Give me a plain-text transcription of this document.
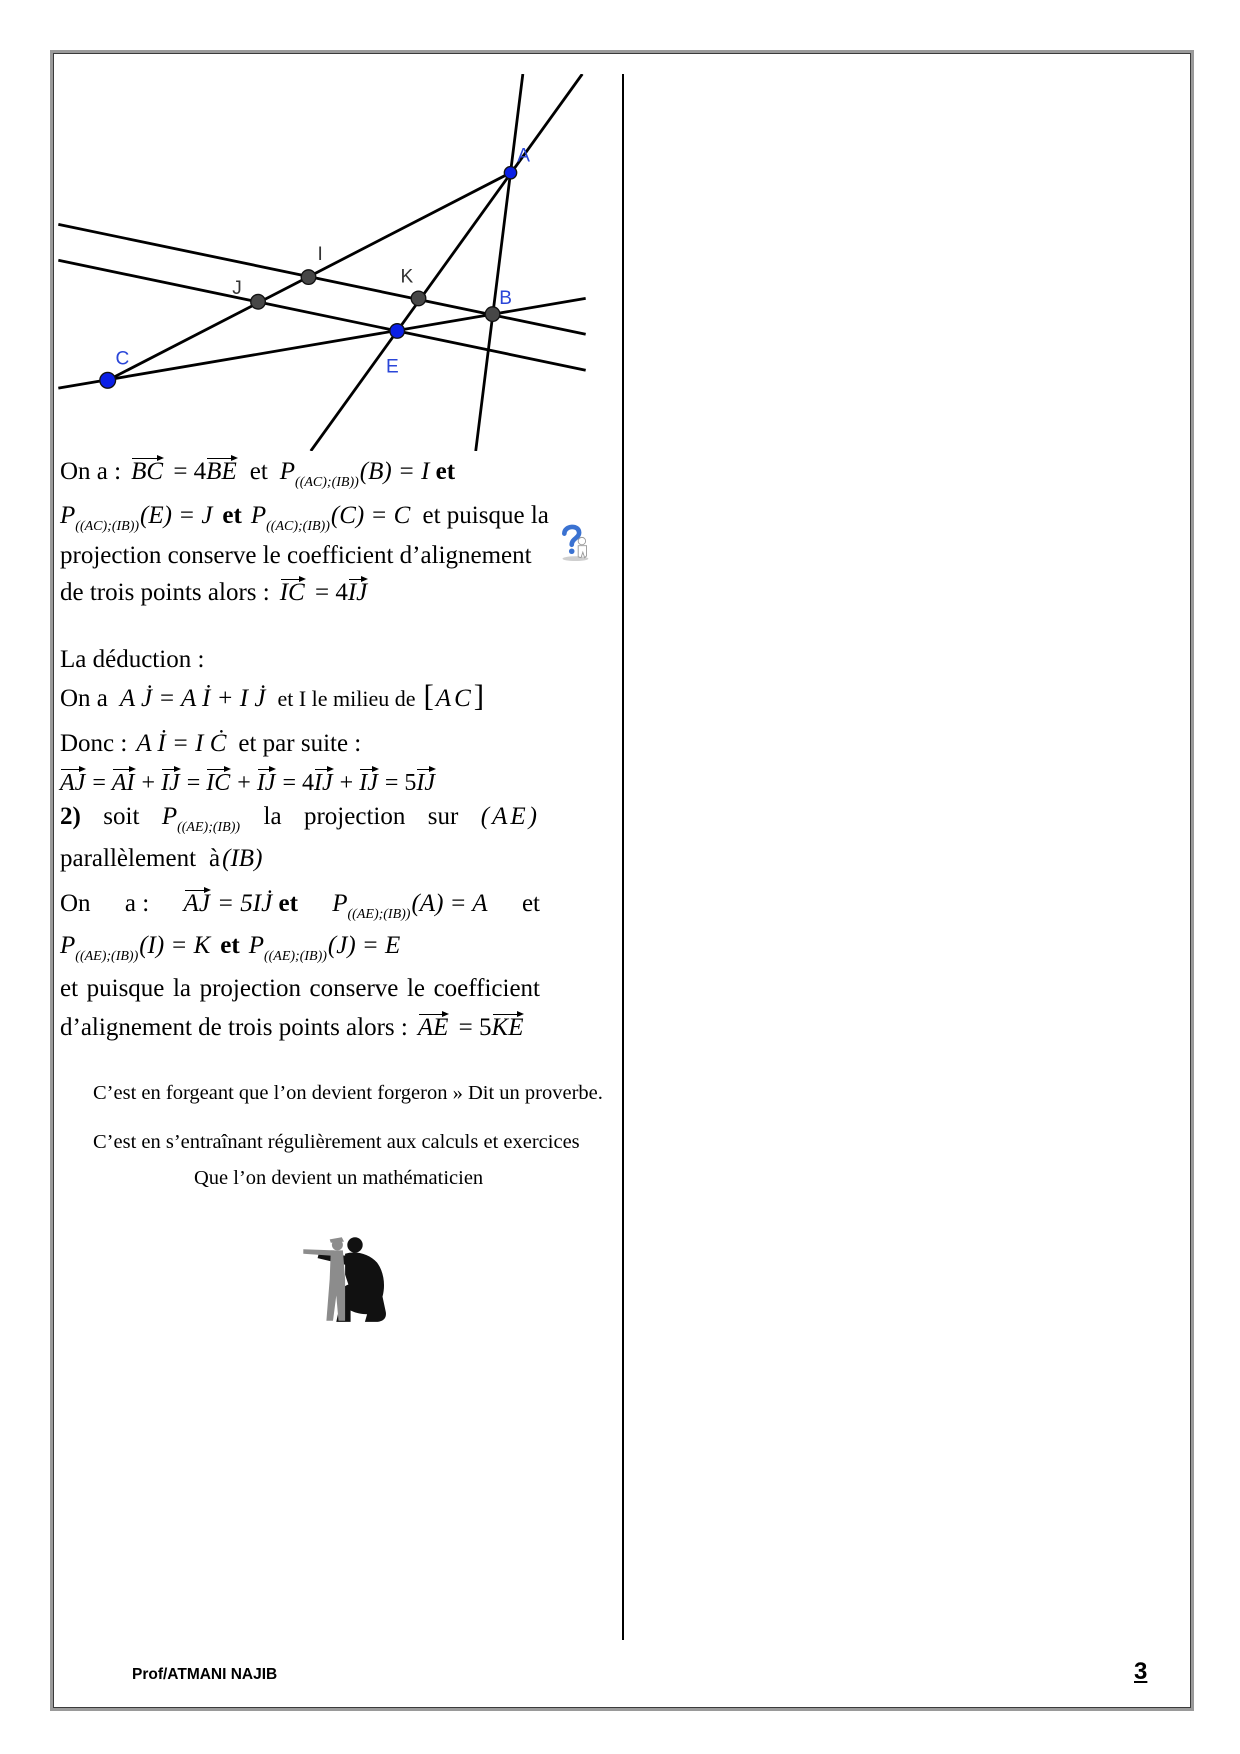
A
B
C	E
I
J
K
On a : BC = 4BE et $P_{((AC);(IB))}(B) = I$ et
$P_{((AC);(IB))}(E) = J$ et $P_{((AC);(IB))}(C) = C$ et puisque la
projection conserve le coefficient d’alignement
de trois points alors : IC = 4IJ
La déduction :
On a A J̇ = A İ + I J̇ et I le milieu de [AC]
Donc : A İ = I Ċ et par suite :
AJ = AI + IJ = IC + IJ = 4IJ + IJ = 5IJ
2) soit $P_{((AE);(IB))}$ la projection sur (AE)
parallèlement à(IB)
On a : AJ = 5IJ̇ et $P_{((AE);(IB))}(A) = A$ et
$P_{((AE);(IB))}(I) = K$ et $P_{((AE);(IB))}(J) = E$
et puisque la projection conserve le coefficient
d’alignement de trois points alors : AE = 5KE
C’est en forgeant que l’on devient forgeron » Dit un proverbe.
C’est en s’entraînant régulièrement aux calculs et exercices
Que l’on devient un mathématicien
Prof/ATMANI NAJIB	3
